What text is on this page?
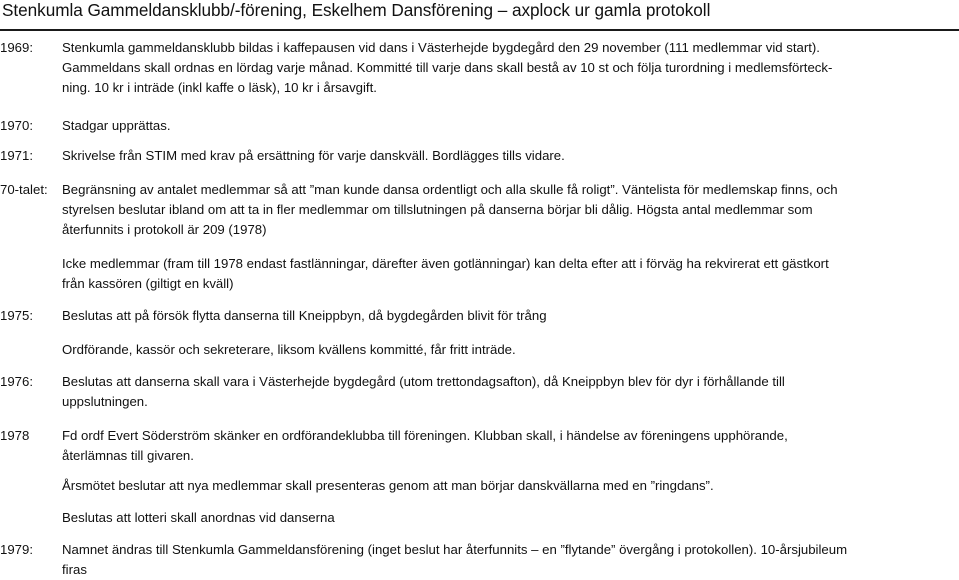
Stenkumla Gammeldansklubb/-förening, Eskelhem Dansförening – axplock ur gamla protokoll
1969: Stenkumla gammeldansklubb bildas i kaffepausen vid dans i Västerhejde bygdegård den 29 november (111 medlemmar vid start).
Gammeldans skall ordnas en lördag varje månad. Kommitté till varje dans skall bestå av 10 st och följa turordning i medlemsförteck-
ning. 10 kr i inträde (inkl kaffe o läsk), 10 kr i årsavgift.
1970: Stadgar upprättas.
1971: Skrivelse från STIM med krav på ersättning för varje danskväll. Bordlägges tills vidare.
70-talet: Begränsning av antalet medlemmar så att ”man kunde dansa ordentligt och alla skulle få roligt”. Väntelista för medlemskap finns, och
styrelsen beslutar ibland om att ta in fler medlemmar om tillslutningen på danserna börjar bli dålig. Högsta antal medlemmar som
återfunnits i protokoll är 209 (1978)
Icke medlemmar (fram till 1978 endast fastlänningar, därefter även gotlänningar) kan delta efter att i förväg ha rekvirerat ett gästkort
från kassören (giltigt en kväll)
1975: Beslutas att på försök flytta danserna till Kneippbyn, då bygdegården blivit för trång
Ordförande, kassör och sekreterare, liksom kvällens kommitté, får fritt inträde.
1976: Beslutas att danserna skall vara i Västerhejde bygdegård (utom trettondagsafton), då Kneippbyn blev för dyr i förhållande till
uppslutningen.
1978 Fd ordf Evert Söderström skänker en ordförandeklubba till föreningen. Klubban skall, i händelse av föreningens upphörande,
återlämnas till givaren.
Årsmötet beslutar att nya medlemmar skall presenteras genom att man börjar danskvällarna med en ”ringdans”.
Beslutas att lotteri skall anordnas vid danserna
1979: Namnet ändras till Stenkumla Gammeldansförening (inget beslut har återfunnits – en ”flytande” övergång i protokollen). 10-årsjubileum
firas
